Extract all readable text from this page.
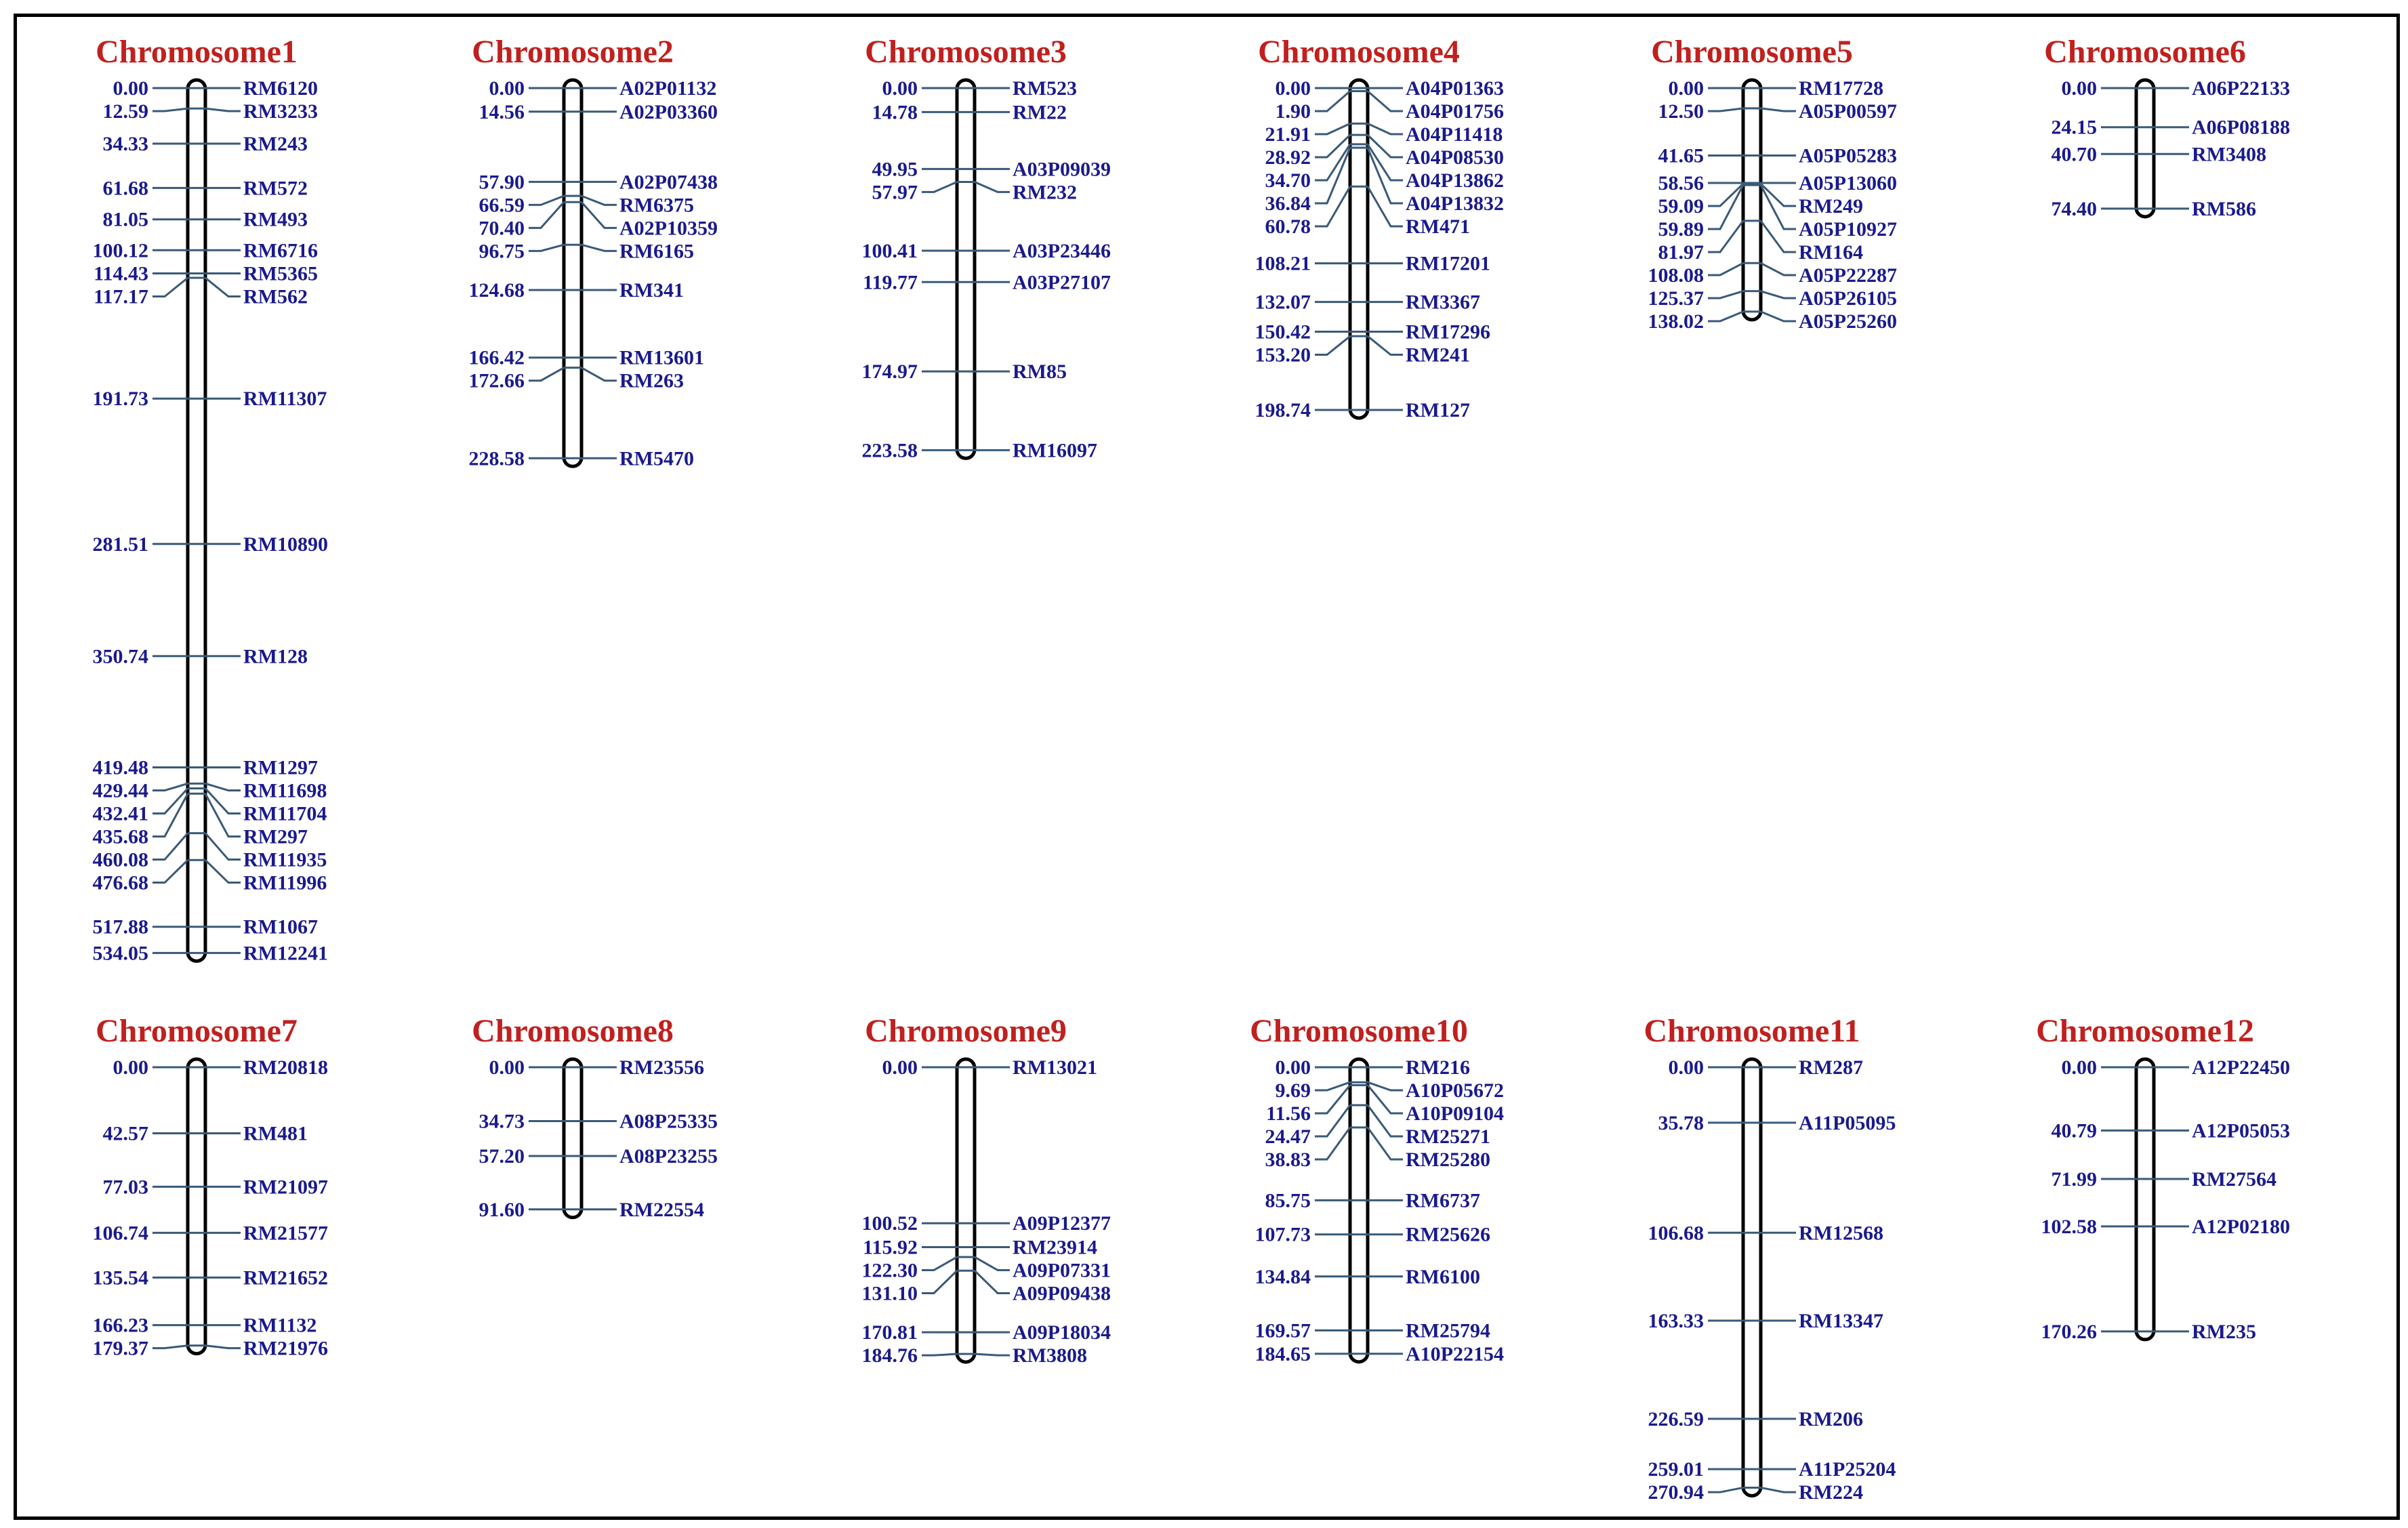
Chromosome1
0.00	RM6120
12.59	RM3233
34.33	RM243
61.68	RM572
81.05	RM493
100.12	RM6716
114.43	RM5365
117.17	RM562
191.73	RM11307
281.51	RM10890
350.74	RM128
419.48	RM1297
429.44	RM11698
432.41	RM11704
435.68	RM297
460.08	RM11935
476.68	RM11996
517.88	RM1067
534.05	RM12241
Chromosome2
0.00	A02P01132
14.56	A02P03360
57.90	A02P07438
66.59	RM6375
70.40	A02P10359
96.75	RM6165
124.68	RM341
166.42	RM13601
172.66	RM263
228.58	RM5470
Chromosome3
0.00	RM523
14.78	RM22
49.95	A03P09039
57.97	RM232
100.41	A03P23446
119.77	A03P27107
174.97	RM85
223.58	RM16097
Chromosome4
0.00	A04P01363
1.90	A04P01756
21.91	A04P11418
28.92	A04P08530
34.70	A04P13862
36.84	A04P13832
60.78	RM471
108.21	RM17201
132.07	RM3367
150.42	RM17296
153.20	RM241
198.74	RM127
Chromosome5
0.00	RM17728
12.50	A05P00597
41.65	A05P05283
58.56	A05P13060
59.09	RM249
59.89	A05P10927
81.97	RM164
108.08	A05P22287
125.37	A05P26105
138.02	A05P25260
Chromosome6
0.00	A06P22133
24.15	A06P08188
40.70	RM3408
74.40	RM586
Chromosome7
0.00	RM20818
42.57	RM481
77.03	RM21097
106.74	RM21577
135.54	RM21652
166.23	RM1132
179.37	RM21976
Chromosome8
0.00	RM23556
34.73	A08P25335
57.20	A08P23255
91.60	RM22554
Chromosome9
0.00	RM13021
100.52	A09P12377
115.92	RM23914
122.30	A09P07331
131.10	A09P09438
170.81	A09P18034
184.76	RM3808
Chromosome10
0.00	RM216
9.69	A10P05672
11.56	A10P09104
24.47	RM25271
38.83	RM25280
85.75	RM6737
107.73	RM25626
134.84	RM6100
169.57	RM25794
184.65	A10P22154
Chromosome11
0.00	RM287
35.78	A11P05095
106.68	RM12568
163.33	RM13347
226.59	RM206
259.01	A11P25204
270.94	RM224
Chromosome12
0.00	A12P22450
40.79	A12P05053
71.99	RM27564
102.58	A12P02180
170.26	RM235
